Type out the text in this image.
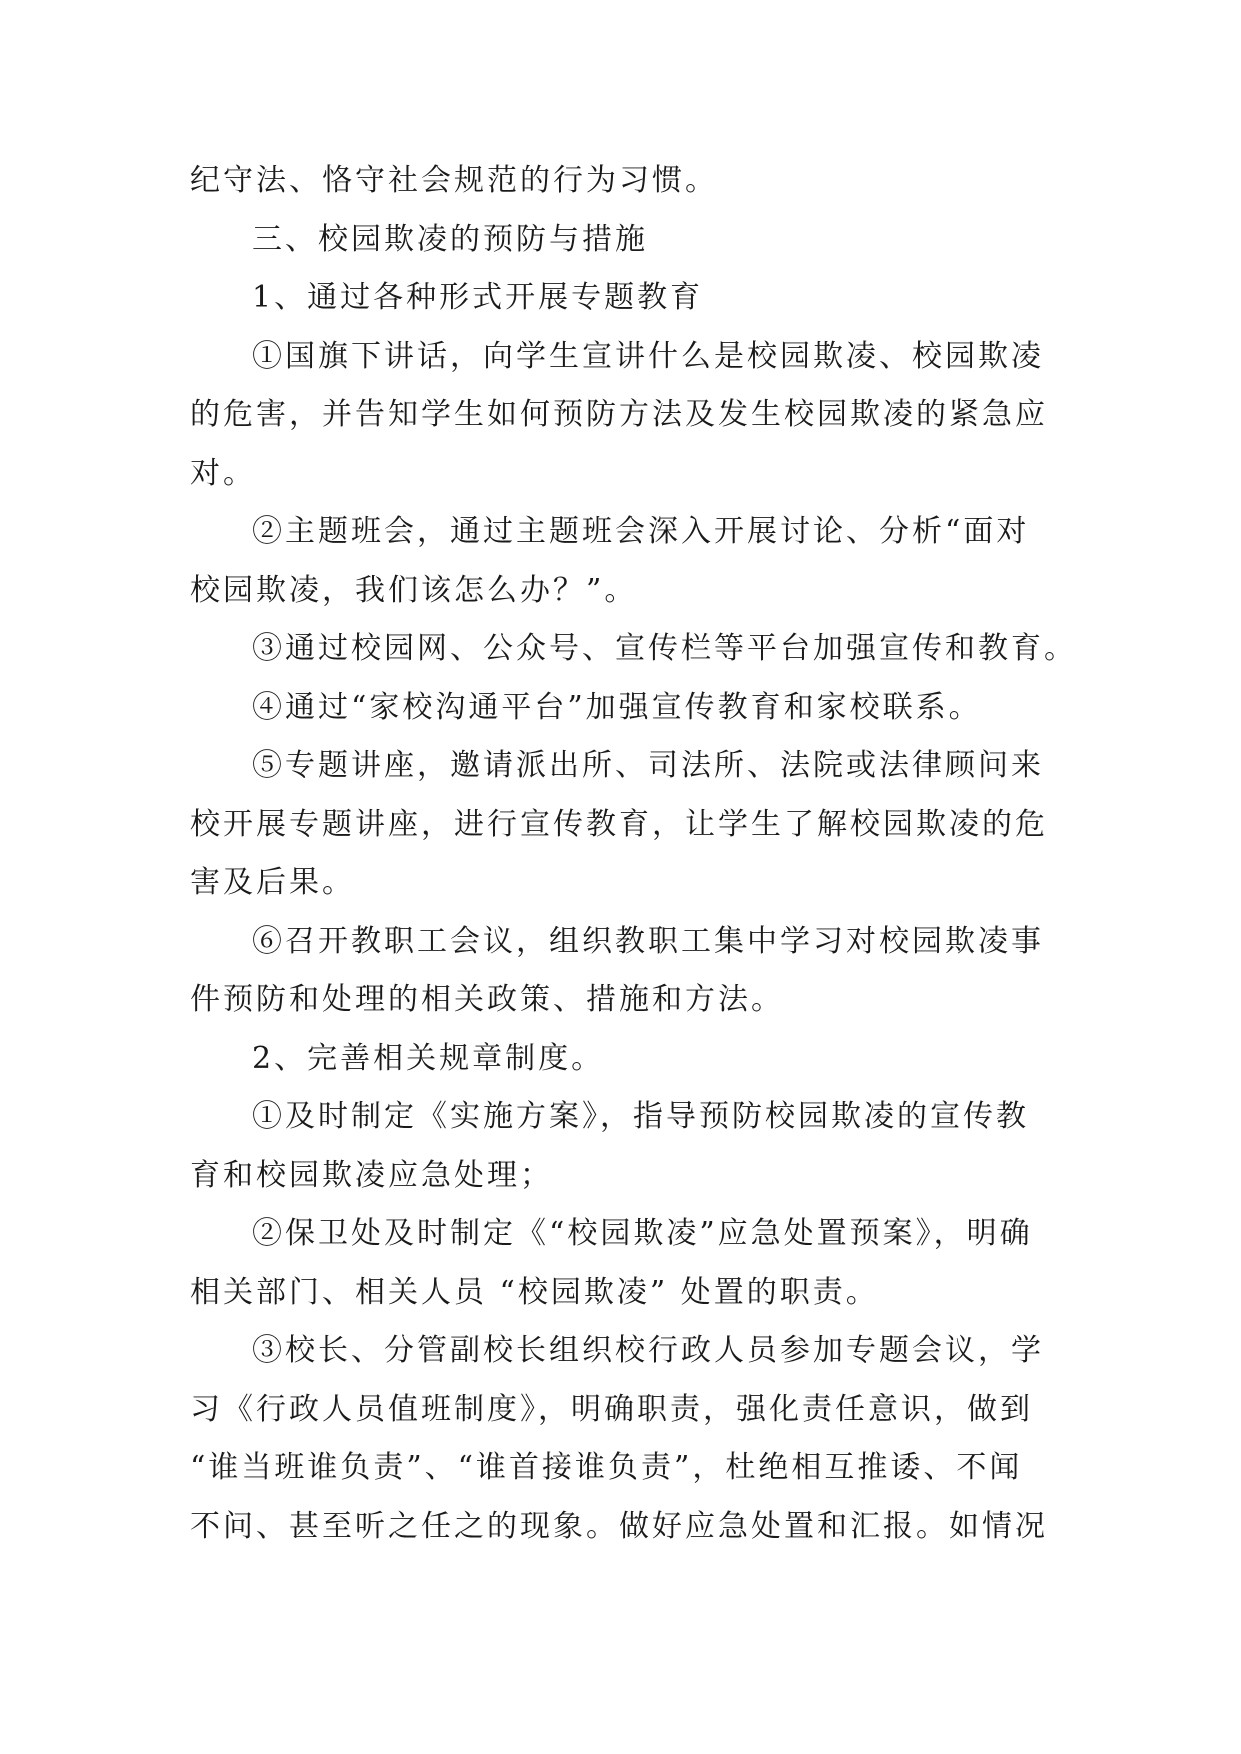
纪守法、恪守社会规范的行为习惯。
三、校园欺凌的预防与措施
1、通过各种形式开展专题教育
①国旗下讲话，向学生宣讲什么是校园欺凌、校园欺凌
的危害，并告知学生如何预防方法及发生校园欺凌的紧急应
对。
②主题班会，通过主题班会深入开展讨论、分析“面对
校园欺凌，我们该怎么办？”。
③通过校园网、公众号、宣传栏等平台加强宣传和教育。
④通过“家校沟通平台”加强宣传教育和家校联系。
⑤专题讲座，邀请派出所、司法所、法院或法律顾问来
校开展专题讲座，进行宣传教育，让学生了解校园欺凌的危
害及后果。
⑥召开教职工会议，组织教职工集中学习对校园欺凌事
件预防和处理的相关政策、措施和方法。
2、完善相关规章制度。
①及时制定《实施方案》，指导预防校园欺凌的宣传教
育和校园欺凌应急处理；
②保卫处及时制定《“校园欺凌”应急处置预案》，明确
相关部门、相关人员 “校园欺凌” 处置的职责。
③校长、分管副校长组织校行政人员参加专题会议，学
习《行政人员值班制度》，明确职责，强化责任意识，做到
“谁当班谁负责”、“谁首接谁负责”，杜绝相互推诿、不闻
不问、甚至听之任之的现象。做好应急处置和汇报。如情况
